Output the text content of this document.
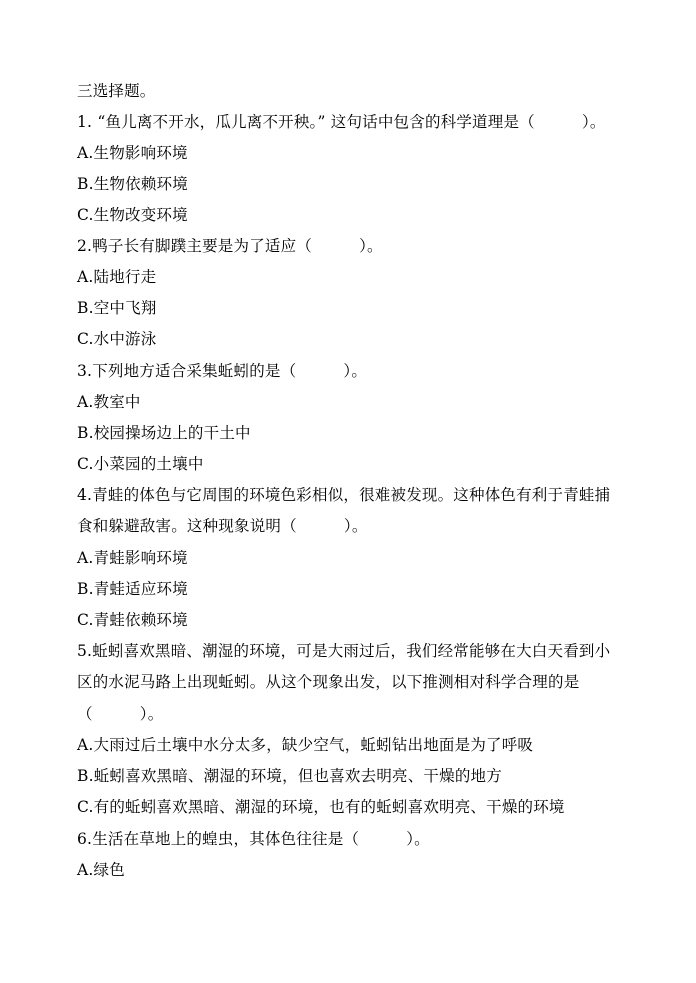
三选择题。
1. “鱼儿离不开水，瓜儿离不开秧。” 这句话中包含的科学道理是（　　　）。
A.生物影响环境
B.生物依赖环境
C.生物改变环境
2.鸭子长有脚蹼主要是为了适应（　　　）。
A.陆地行走
B.空中飞翔
C.水中游泳
3.下列地方适合采集蚯蚓的是（　　　）。
A.教室中
B.校园操场边上的干土中
C.小菜园的土壤中
4.青蛙的体色与它周围的环境色彩相似，很难被发现。这种体色有利于青蛙捕
食和躲避敌害。这种现象说明（　　　）。
A.青蛙影响环境
B.青蛙适应环境
C.青蛙依赖环境
5.蚯蚓喜欢黑暗、潮湿的环境，可是大雨过后，我们经常能够在大白天看到小
区的水泥马路上出现蚯蚓。从这个现象出发，以下推测相对科学合理的是
（　　　）。
A.大雨过后土壤中水分太多，缺少空气，蚯蚓钻出地面是为了呼吸
B.蚯蚓喜欢黑暗、潮湿的环境，但也喜欢去明亮、干燥的地方
C.有的蚯蚓喜欢黑暗、潮湿的环境，也有的蚯蚓喜欢明亮、干燥的环境
6.生活在草地上的蝗虫，其体色往往是（　　　）。
A.绿色
